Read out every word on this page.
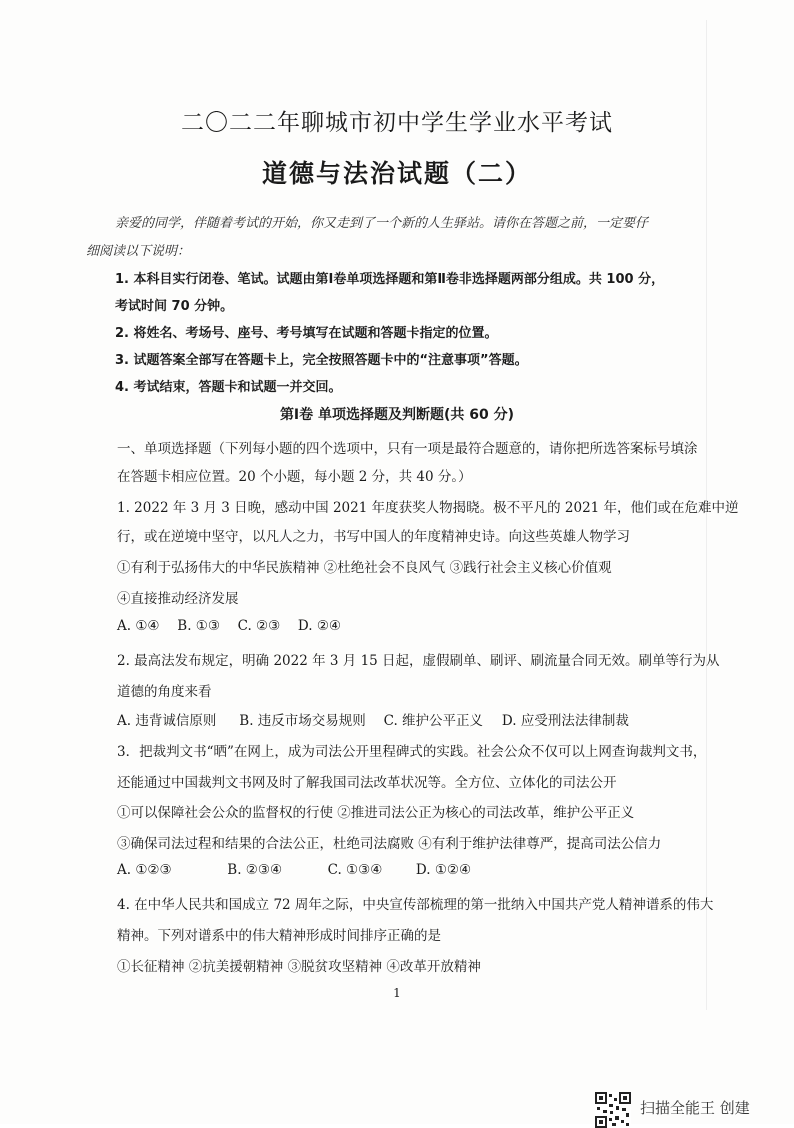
二〇二二年聊城市初中学生学业水平考试
道德与法治试题（二）
亲爱的同学，伴随着考试的开始，你又走到了一个新的人生驿站。请你在答题之前，一定要仔
细阅读以下说明：
1. 本科目实行闭卷、笔试。试题由第Ⅰ卷单项选择题和第Ⅱ卷非选择题两部分组成。共 100 分，
考试时间 70 分钟。
2. 将姓名、考场号、座号、考号填写在试题和答题卡指定的位置。
3. 试题答案全部写在答题卡上，完全按照答题卡中的“注意事项”答题。
4. 考试结束，答题卡和试题一并交回。
第Ⅰ卷 单项选择题及判断题(共 60 分)
一、单项选择题（下列每小题的四个选项中，只有一项是最符合题意的，请你把所选答案标号填涂
在答题卡相应位置。20 个小题，每小题 2 分，共 40 分。）
1. 2022 年 3 月 3 日晚，感动中国 2021 年度获奖人物揭晓。极不平凡的 2021 年，他们或在危难中逆
行，或在逆境中坚守，以凡人之力，书写中国人的年度精神史诗。向这些英雄人物学习
①有利于弘扬伟大的中华民族精神 ②杜绝社会不良风气 ③践行社会主义核心价值观
④直接推动经济发展
A. ①④ B. ①③ C. ②③ D. ②④
2. 最高法发布规定，明确 2022 年 3 月 15 日起，虚假刷单、刷评、刷流量合同无效。刷单等行为从
道德的角度来看
A. 违背诚信原则 B. 违反市场交易规则 C. 维护公平正义 D. 应受刑法法律制裁
3．把裁判文书“晒”在网上，成为司法公开里程碑式的实践。社会公众不仅可以上网查询裁判文书，
还能通过中国裁判文书网及时了解我国司法改革状况等。全方位、立体化的司法公开
①可以保障社会公众的监督权的行使 ②推进司法公正为核心的司法改革，维护公平正义
③确保司法过程和结果的合法公正，杜绝司法腐败 ④有利于维护法律尊严，提高司法公信力
A. ①②③	B. ②③④	C. ①③④ D. ①②④
4. 在中华人民共和国成立 72 周年之际，中央宣传部梳理的第一批纳入中国共产党人精神谱系的伟大
精神。下列对谱系中的伟大精神形成时间排序正确的是
①长征精神 ②抗美援朝精神 ③脱贫攻坚精神 ④改革开放精神
1
扫描全能王 创建
